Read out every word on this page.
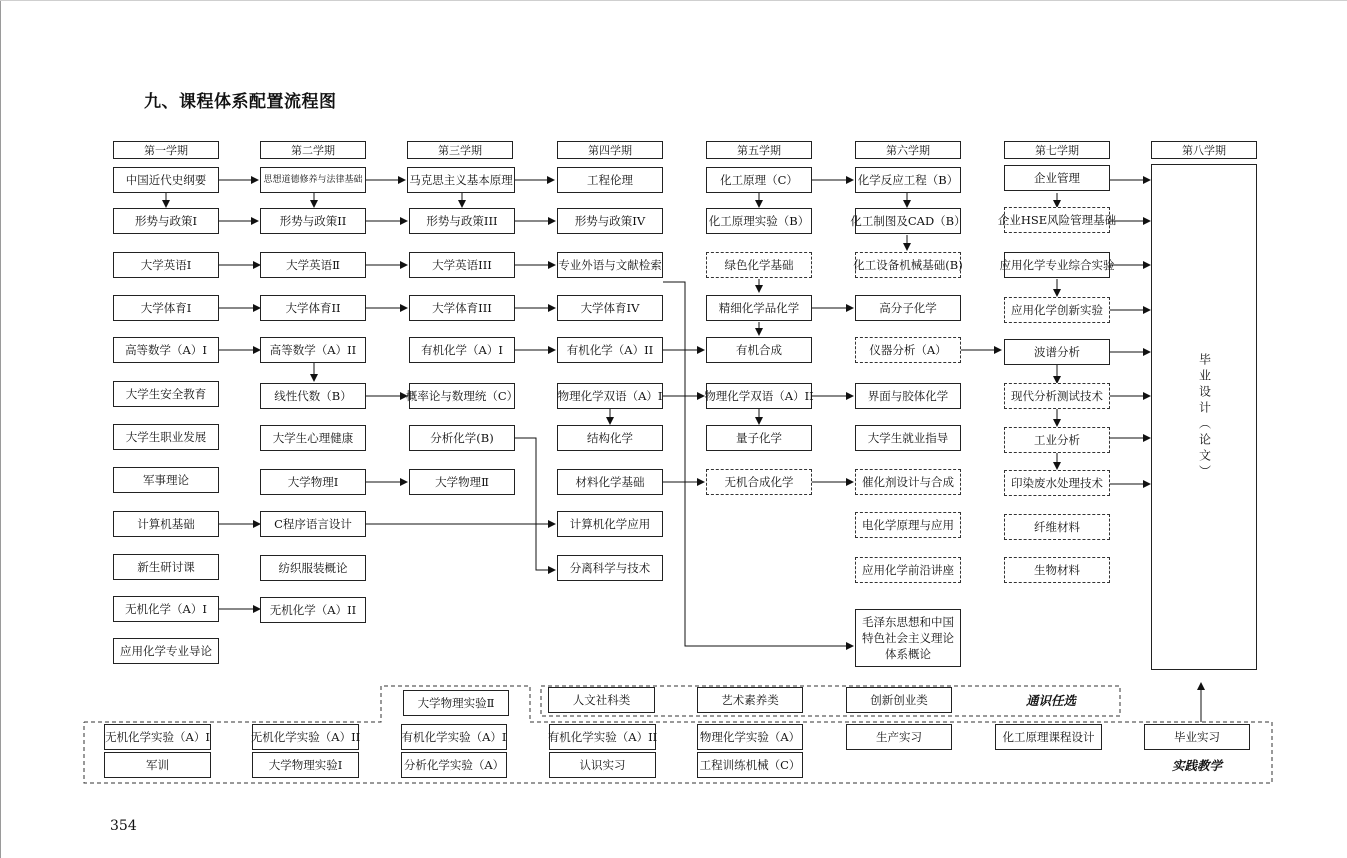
九、课程体系配置流程图
第一学期	第二学期	第三学期	第四学期	第五学期	第六学期	第七学期	第八学期
中国近代史纲要
形势与政策I
大学英语I
大学体育I
高等数学（A）I
大学生安全教育
大学生职业发展
军事理论
计算机基础
新生研讨课
无机化学（A）I
应用化学专业导论
思想道德修养与法律基础
形势与政策II
大学英语Ⅱ
大学体育II
高等数学（A）II
线性代数（B）
大学生心理健康
大学物理Ⅰ
C程序语言设计
纺织服装概论
无机化学（A）II
马克思主义基本原理
形势与政策III
大学英语III
大学体育III
有机化学（A）I
概率论与数理统（C）
分析化学(B)
大学物理Ⅱ
工程伦理
形势与政策IV
专业外语与文献检索
大学体育IV
有机化学（A）II
物理化学双语（A）I
结构化学
材料化学基础
计算机化学应用
分离科学与技术
化工原理（C）
化工原理实验（B）
绿色化学基础
精细化学品化学
有机合成
物理化学双语（A）II
量子化学
无机合成化学
化学反应工程（B）
化工制图及CAD（B）
化工设备机械基础(B)
高分子化学
仪器分析（A）
界面与胶体化学
大学生就业指导
催化剂设计与合成
电化学原理与应用
应用化学前沿讲座
毛泽东思想和中国特色社会主义理论体系概论
企业管理
企业HSE风险管理基础
应用化学专业综合实验
应用化学创新实验
波谱分析
现代分析测试技术
工业分析
印染废水处理技术
纤维材料
生物材料
毕业设计（论文）
大学物理实验Ⅱ	人文社科类	艺术素养类	创新创业类	通识任选
无机化学实验（A）I	无机化学实验（A）II	有机化学实验（A）I	有机化学实验（A）II	物理化学实验（A）	生产实习	化工原理课程设计	毕业实习
军训	大学物理实验Ⅰ	分析化学实验（A）	认识实习	工程训练机械（C）	实践教学
354
